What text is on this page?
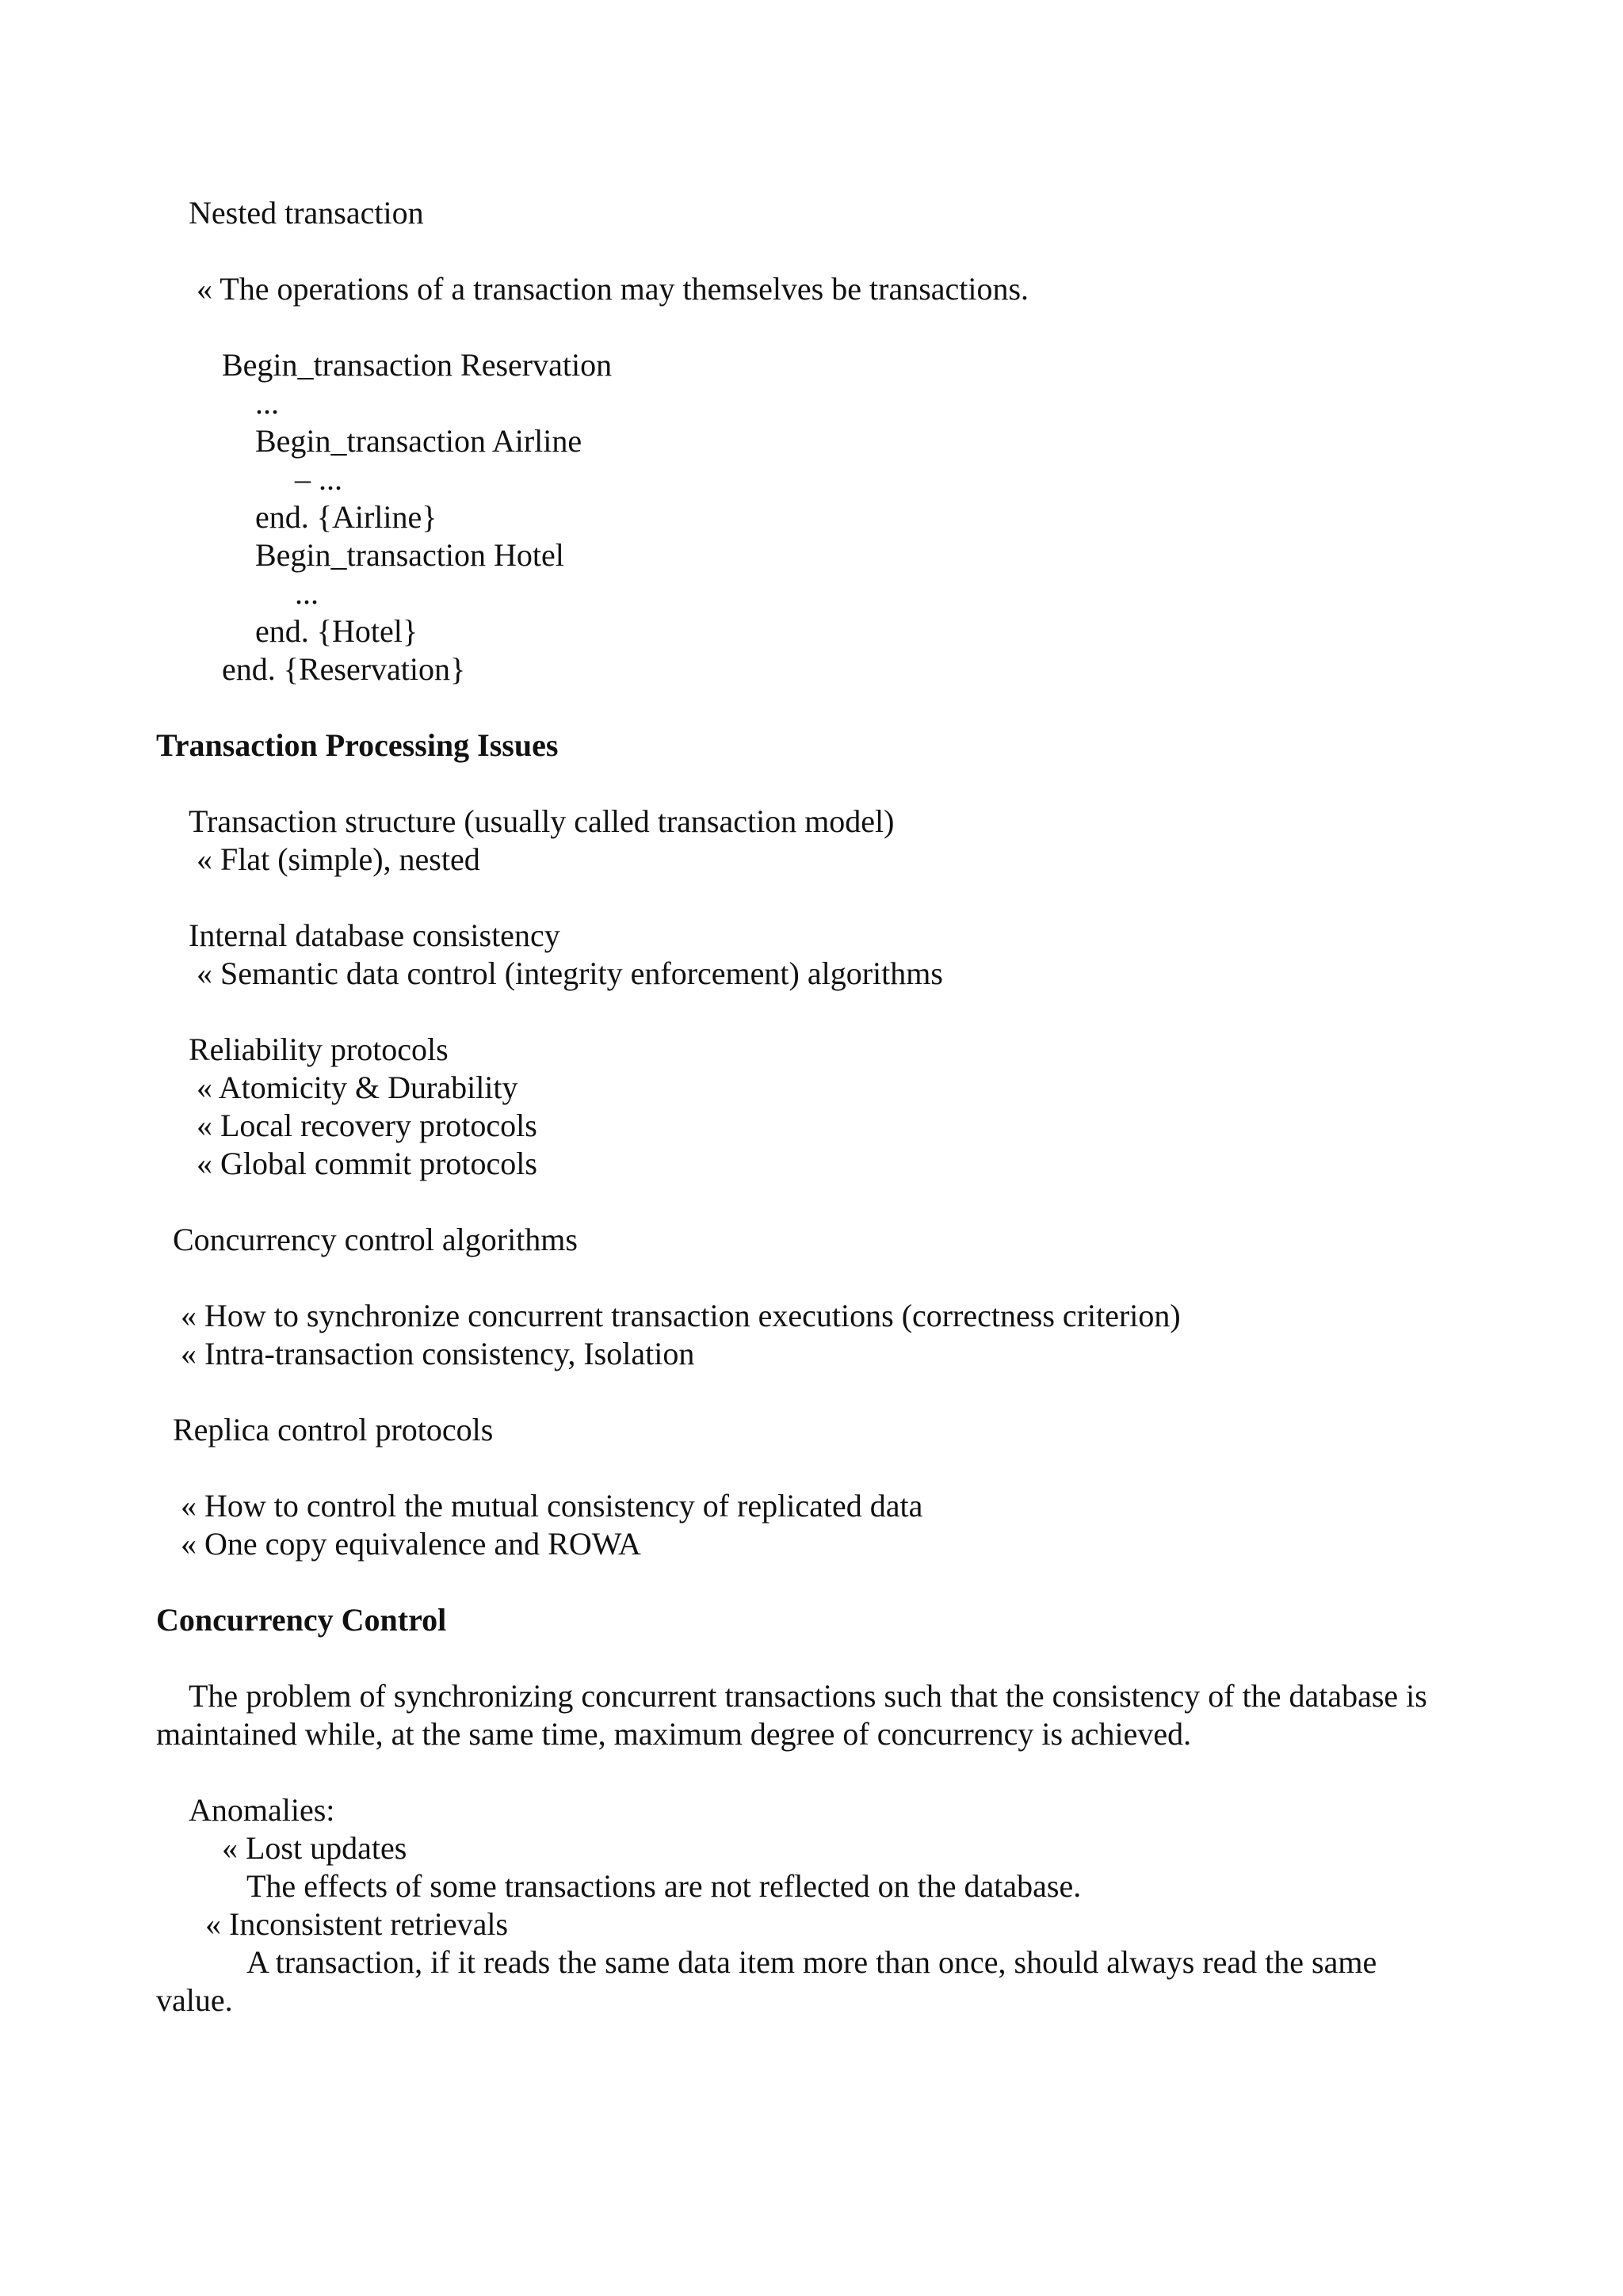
Nested transaction
« The operations of a transaction may themselves be transactions.
Begin_transaction Reservation
...
Begin_transaction Airline
– ...
end. {Airline}
Begin_transaction Hotel
...
end. {Hotel}
end. {Reservation}
Transaction Processing Issues
Transaction structure (usually called transaction model)
« Flat (simple), nested
Internal database consistency
« Semantic data control (integrity enforcement) algorithms
Reliability protocols
« Atomicity & Durability
« Local recovery protocols
« Global commit protocols
Concurrency control algorithms
« How to synchronize concurrent transaction executions (correctness criterion)
« Intra-transaction consistency, Isolation
Replica control protocols
« How to control the mutual consistency of replicated data
« One copy equivalence and ROWA
Concurrency Control
The problem of synchronizing concurrent transactions such that the consistency of the database is
maintained while, at the same time, maximum degree of concurrency is achieved.
Anomalies:
« Lost updates
The effects of some transactions are not reflected on the database.
« Inconsistent retrievals
A transaction, if it reads the same data item more than once, should always read the same
value.
